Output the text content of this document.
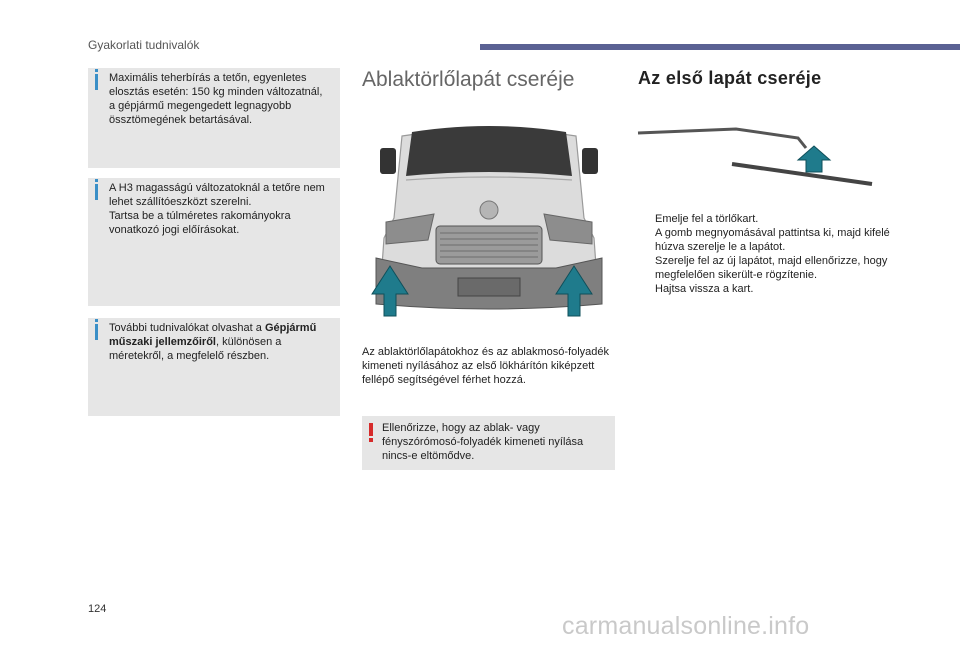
Gyakorlati tudnivalók

Maximális teherbírás a tetőn, egyenletes elosztás esetén: 150 kg minden változatnál, a gépjármű megengedett legnagyobb össztömegének betartásával.

A H3 magasságú változatoknál a tetőre nem lehet szállítóeszközt szerelni.

Tartsa be a túlméretes rakományokra vonatkozó jogi előírásokat.

További tudnivalókat olvashat a Gépjármű műszaki jellemzőiről, különösen a méretekről, a megfelelő részben.

Ablaktörlőlapát cseréje
Az ablaktörlőlapátokhoz és az ablakmosó-folyadék kimeneti nyílásához az első lökhárítón kiképzett fellépő segítségével férhet hozzá.
Ellenőrizze, hogy az ablak- vagy fényszórómosó-folyadék kimeneti nyílása nincs-e eltömődve.
Az első lapát cseréje
Emelje fel a törlőkart.
A gomb megnyomásával pattintsa ki, majd kifelé húzva szerelje le a lapátot.
Szerelje fel az új lapátot, majd ellenőrizze, hogy megfelelően sikerült-e rögzítenie.
Hajtsa vissza a kart.
124
carmanualsonline.info
